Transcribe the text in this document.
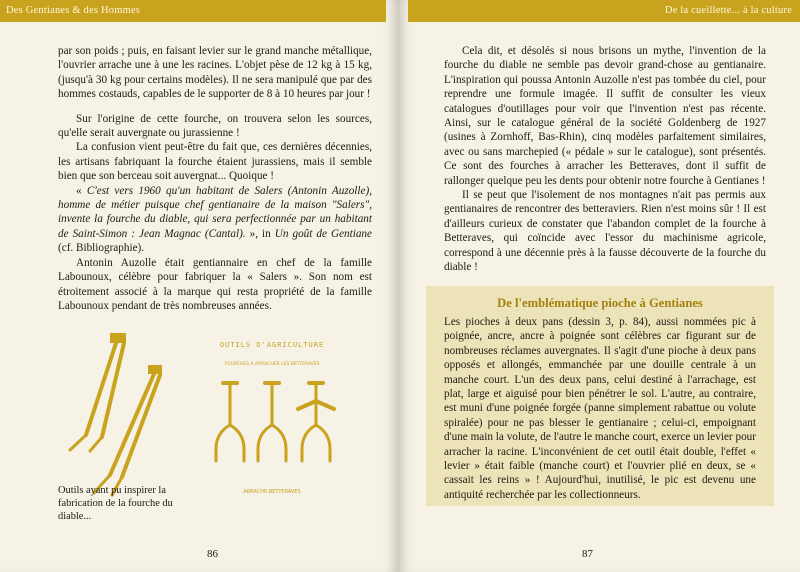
Des Gentianes & des Hommes

par son poids ; puis, en faisant levier sur le grand manche métallique, l'ouvrier arrache une à une les racines. L'objet pèse de 12 kg à 15 kg, (jusqu'à 30 kg pour certains modèles). Il ne sera manipulé que par des hommes costauds, capables de le supporter de 8 à 10 heures par jour !

Sur l'origine de cette fourche, on trouvera selon les sources, qu'elle serait auvergnate ou jurassienne !

La confusion vient peut-être du fait que, ces dernières décennies, les artisans fabriquant la fourche étaient jurassiens, mais il semble bien que son berceau soit auvergnat... Quoique !

« C'est vers 1960 qu'un habitant de Salers (Antonin Auzolle), homme de métier puisque chef gentianaire de la maison "Salers", invente la fourche du diable, qui sera perfectionnée par un habitant de Saint-Simon : Jean Magnac (Cantal). », in Un goût de Gentiane (cf. Bibliographie).

Antonin Auzolle était gentiannaire en chef de la famille Labounoux, célèbre pour fabriquer la « Salers ». Son nom est étroitement associé à la marque qui resta propriété de la famille Labounoux pendant de très nombreuses années.

OUTILS D'AGRICULTURE
FOURCHES A ARRACHER LES BETTERAVES
ARRACHE-BETTERAVES
Outils ayant pu inspirer la fabrication de la fourche du diable...
86
De la cueillette... à la culture

Cela dit, et désolés si nous brisons un mythe, l'invention de la fourche du diable ne semble pas devoir grand-chose au gentianaire. L'inspiration qui poussa Antonin Auzolle n'est pas tombée du ciel, pour reprendre une formule imagée. Il suffit de consulter les vieux catalogues d'outillages pour voir que l'invention n'est pas récente. Ainsi, sur le catalogue général de la société Goldenberg de 1927 (usines à Zornhoff, Bas-Rhin), cinq modèles parfaitement similaires, avec ou sans marchepied (« pédale » sur le catalogue), sont présentés. Ce sont des fourches à arracher les Betteraves, dont il suffit de rallonger quelque peu les dents pour obtenir notre fourche à Gentianes !

Il se peut que l'isolement de nos montagnes n'ait pas permis aux gentianaires de rencontrer des betteraviers. Rien n'est moins sûr ! Il est d'ailleurs curieux de constater que l'abandon complet de la fourche à Betteraves, qui coïncide avec l'essor du machinisme agricole, correspond à une décennie près à la fausse découverte de la fourche du diable !

De l'emblématique pioche à Gentianes

Les pioches à deux pans (dessin 3, p. 84), aussi nommées pic à poignée, ancre, ancre à poignée sont célèbres car figurant sur de nombreuses réclames auvergnates. Il s'agit d'une pioche à deux pans opposés et allongés, emmanchée par une douille centrale à un manche court. L'un des deux pans, celui destiné à l'arrachage, est plat, large et aiguisé pour bien pénétrer le sol. L'autre, au contraire, est muni d'une poignée forgée (panne simplement rabattue ou volute spiralée) pour ne pas blesser le gentianaire ; celui-ci, empoignant d'une main la volute, de l'autre le manche court, exerce un levier pour arracher la racine. L'inconvénient de cet outil était double, l'effet « levier » était faible (manche court) et l'ouvrier plié en deux, se « cassait les reins » ! Aujourd'hui, inutilisé, le pic est devenu une antiquité recherchée par les collectionneurs.

87
